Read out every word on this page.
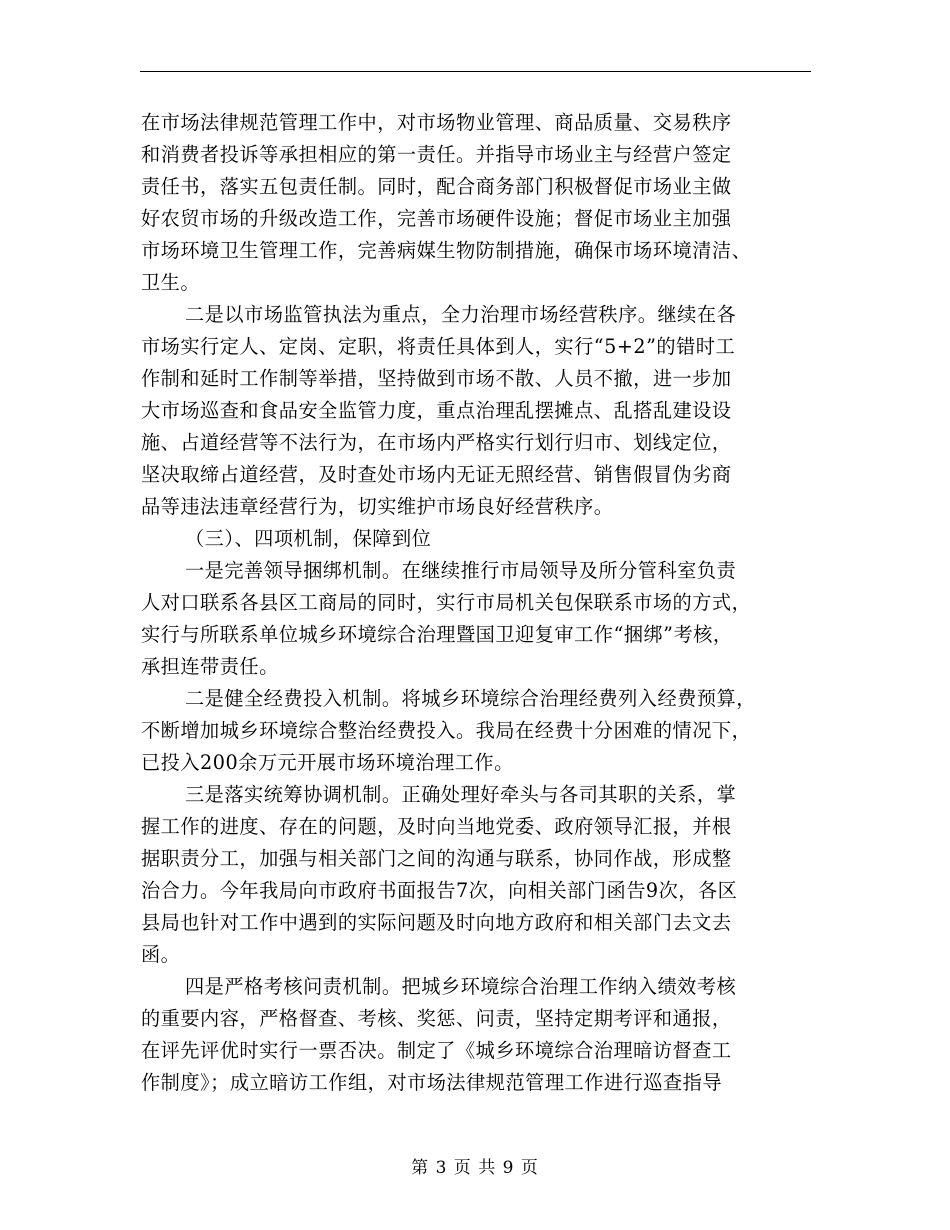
在市场法律规范管理工作中，对市场物业管理、商品质量、交易秩序
和消费者投诉等承担相应的第一责任。并指导市场业主与经营户签定
责任书，落实五包责任制。同时，配合商务部门积极督促市场业主做
好农贸市场的升级改造工作，完善市场硬件设施；督促市场业主加强
市场环境卫生管理工作，完善病媒生物防制措施，确保市场环境清洁、
卫生。

二是以市场监管执法为重点，全力治理市场经营秩序。继续在各
市场实行定人、定岗、定职，将责任具体到人，实行“5+2”的错时工
作制和延时工作制等举措，坚持做到市场不散、人员不撤，进一步加
大市场巡查和食品安全监管力度，重点治理乱摆摊点、乱搭乱建设设
施、占道经营等不法行为，在市场内严格实行划行归市、划线定位，
坚决取缔占道经营，及时查处市场内无证无照经营、销售假冒伪劣商
品等违法违章经营行为，切实维护市场良好经营秩序。

（三）、四项机制，保障到位

一是完善领导捆绑机制。在继续推行市局领导及所分管科室负责
人对口联系各县区工商局的同时，实行市局机关包保联系市场的方式，
实行与所联系单位城乡环境综合治理暨国卫迎复审工作“捆绑”考核，
承担连带责任。

二是健全经费投入机制。将城乡环境综合治理经费列入经费预算，
不断增加城乡环境综合整治经费投入。我局在经费十分困难的情况下，
已投入200余万元开展市场环境治理工作。

三是落实统筹协调机制。正确处理好牵头与各司其职的关系，掌
握工作的进度、存在的问题，及时向当地党委、政府领导汇报，并根
据职责分工，加强与相关部门之间的沟通与联系，协同作战，形成整
治合力。今年我局向市政府书面报告7次，向相关部门函告9次，各区
县局也针对工作中遇到的实际问题及时向地方政府和相关部门去文去
函。

四是严格考核问责机制。把城乡环境综合治理工作纳入绩效考核
的重要内容，严格督查、考核、奖惩、问责，坚持定期考评和通报，
在评先评优时实行一票否决。制定了《城乡环境综合治理暗访督查工
作制度》；成立暗访工作组，对市场法律规范管理工作进行巡查指导

第 3 页 共 9 页
